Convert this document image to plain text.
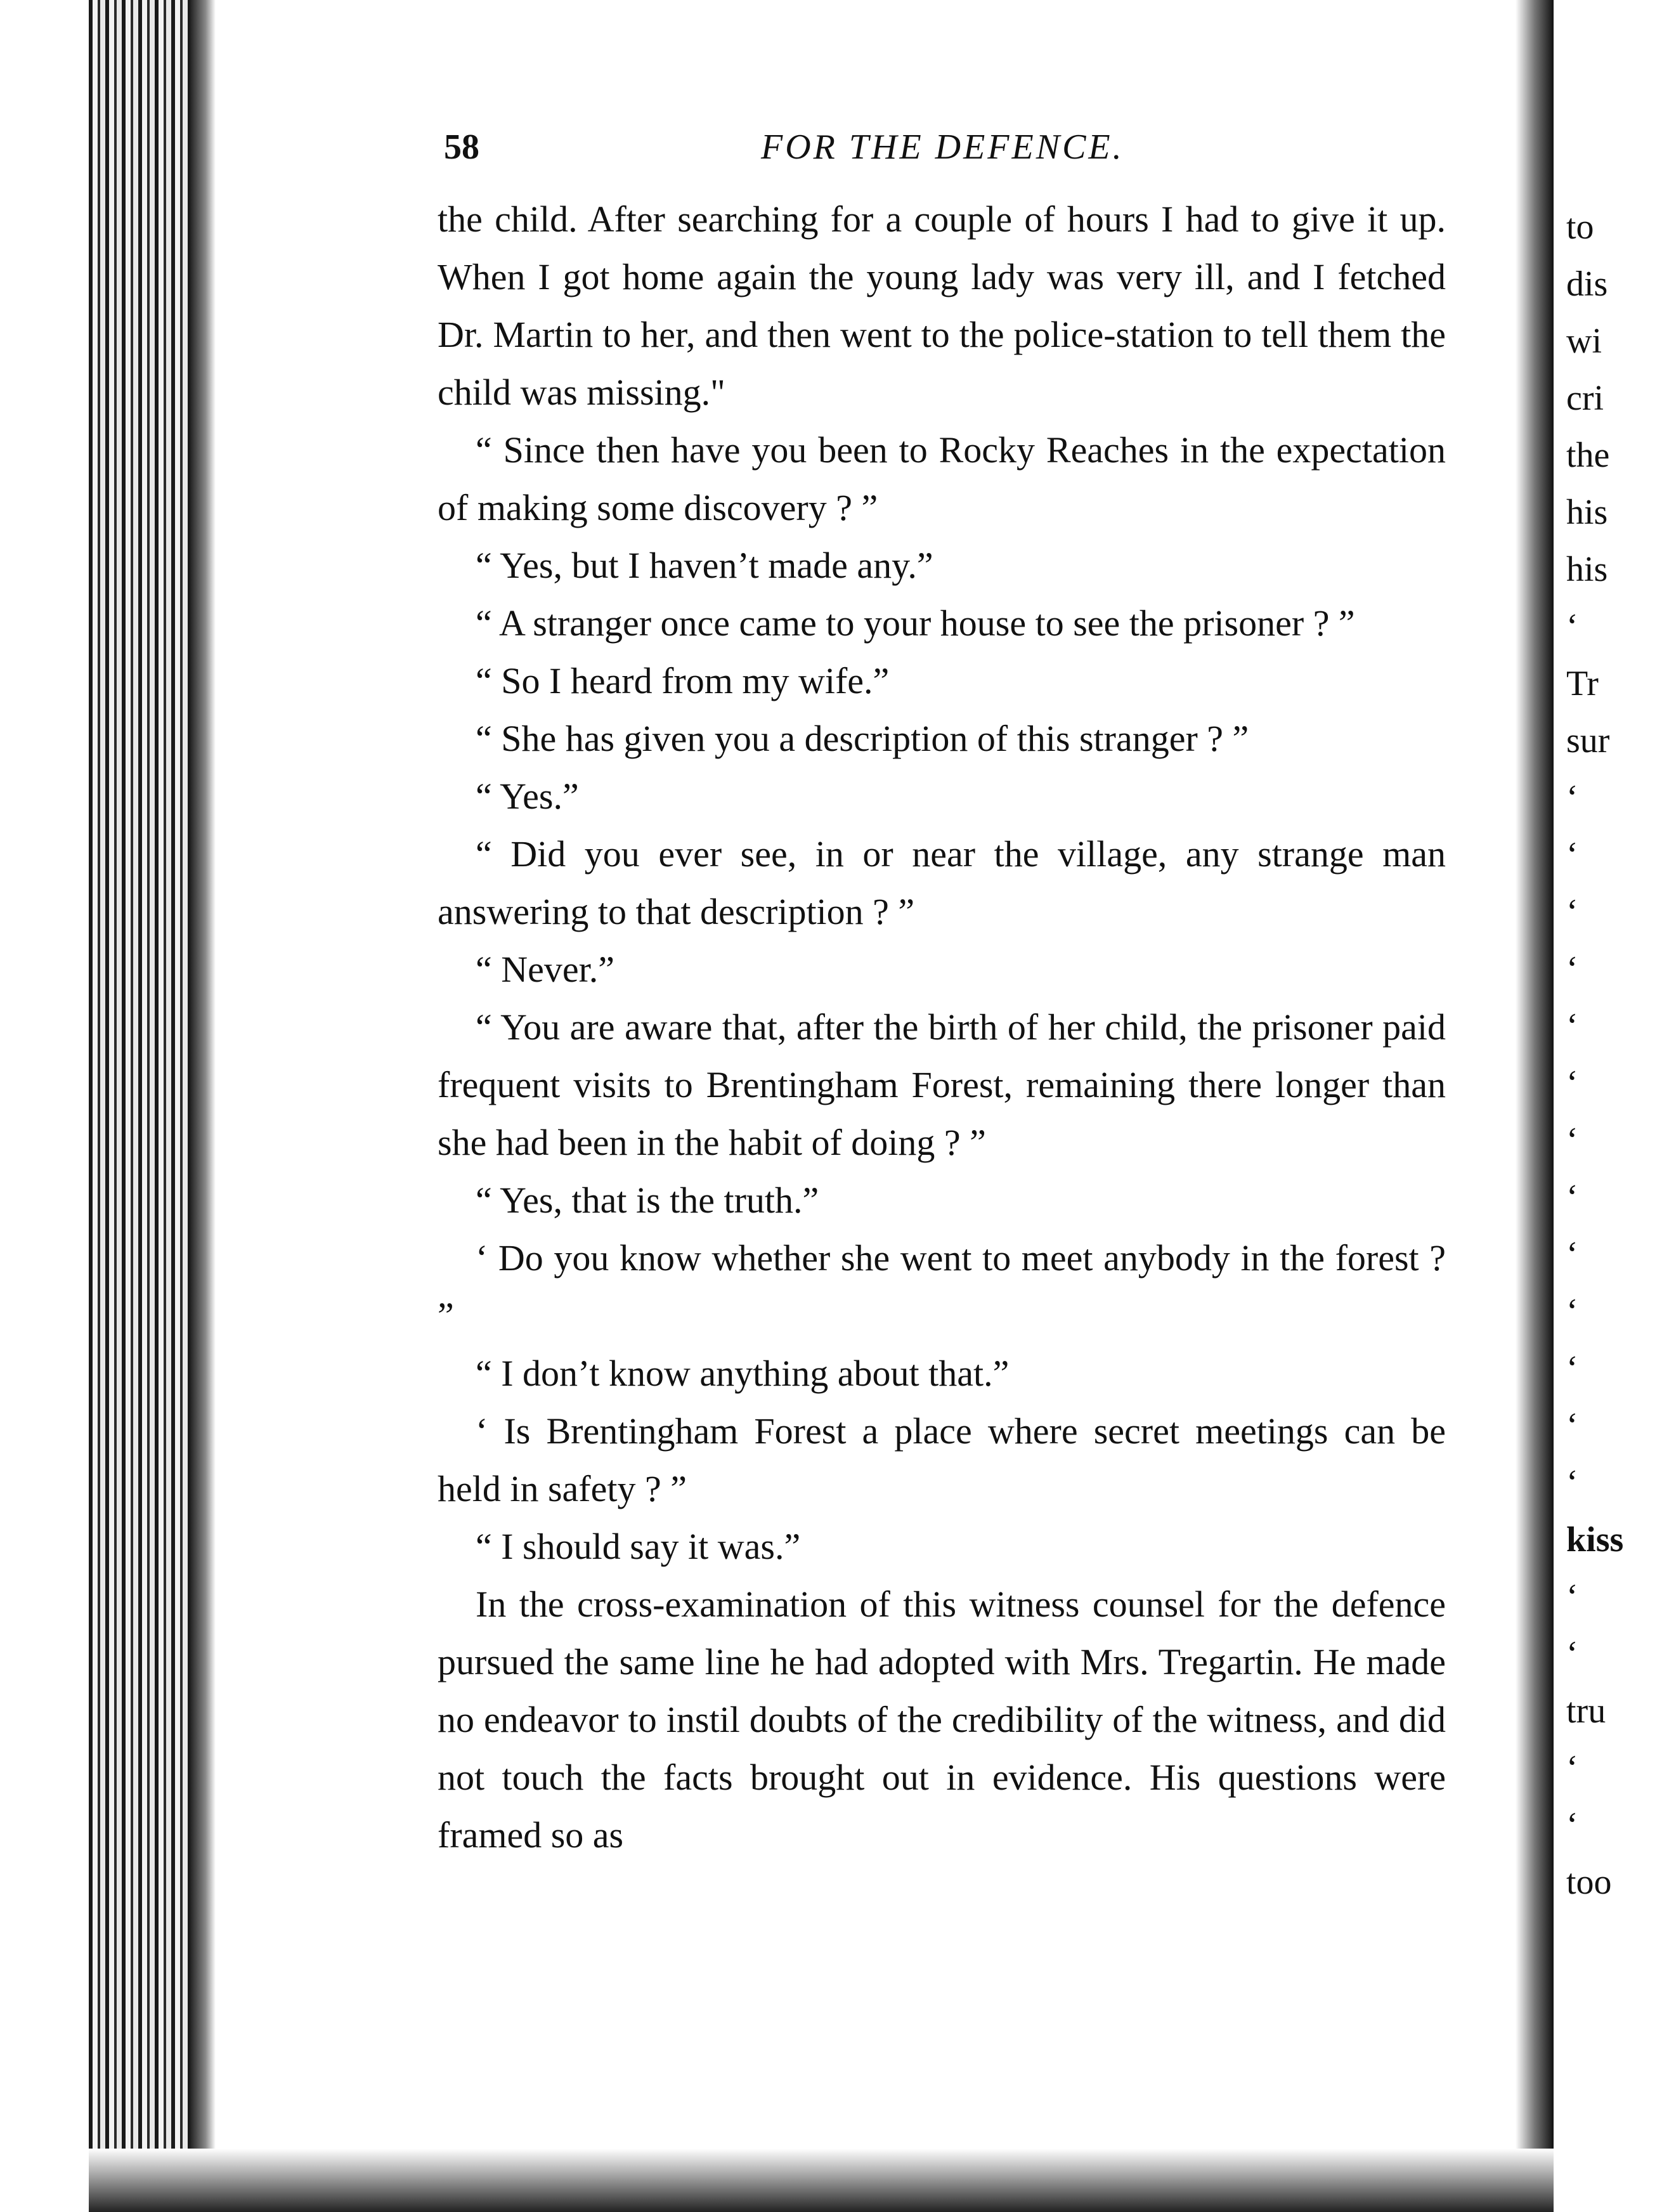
58	FOR THE DEFENCE.

the child. After searching for a couple of hours I had to give it up. When I got home again the young lady was very ill, and I fetched Dr. Martin to her, and then went to the police-station to tell them the child was missing."

“ Since then have you been to Rocky Reaches in the expectation of making some discovery ? ”

“ Yes, but I haven’t made any.”

“ A stranger once came to your house to see the prisoner ? ”

“ So I heard from my wife.”

“ She has given you a description of this stranger ? ”

“ Yes.”

“ Did you ever see, in or near the village, any strange man answering to that description ? ”

“ Never.”

“ You are aware that, after the birth of her child, the prisoner paid frequent visits to Brentingham Forest, remaining there longer than she had been in the habit of doing ? ”

“ Yes, that is the truth.”

‘ Do you know whether she went to meet anybody in the forest ? ”

“ I don’t know anything about that.”

‘ Is Brentingham Forest a place where secret meetings can be held in safety ? ”

“ I should say it was.”

In the cross-examination of this witness counsel for the defence pursued the same line he had adopted with Mrs. Tregartin. He made no endeavor to instil doubts of the credibility of the witness, and did not touch the facts brought out in evidence. His questions were framed so as

to
dis
wi
cri
the
his
his
‘
Tr
sur
‘
‘
‘
‘
‘
‘
‘
‘
‘
‘
‘
‘
‘
kiss
‘
‘
tru
‘
‘
too
